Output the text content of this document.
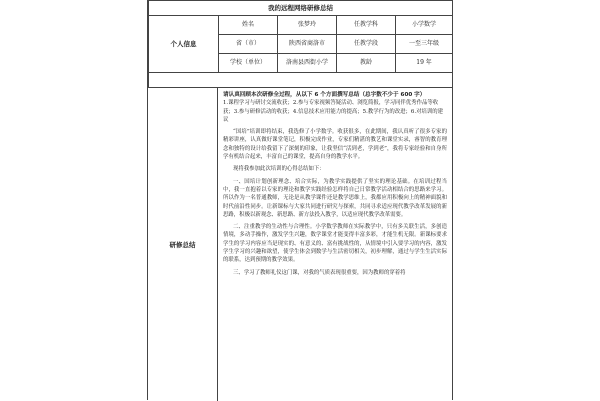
我的远程网络研修总结				
个人信息	姓名	张梦玲	任教学科	小学数学
	省（市）	陕西省商洛市	任教学段	一至三年级
	学校（单位）	洛南县西街小学	教龄	19 年

研修总结

请认真回顾本次研修全过程，从以下 6 个方面撰写总结（总字数不少于 600 字）

1.课程学习与研讨交流收获；2.参与专家视频答疑活动、浏览简报，学习同伴优秀作品等收获；3.参与研修活动的收获；4.信息技术应用能力的提高；5.教学行为的改进；6.对培训的建议

“国培”培训即将结束，我选修了小学数学。收获很多，在此期间，我认真听了很多专家的精彩讲座，认真做好课堂笔记，积极完成作业，专家们精湛的教艺和课堂实录，睿智的教育理念和独特的设计给我留下了深刻的印象，让我坚信“活到老，学到老”，我将专家经验和自身所学有机结合起来，丰富自己的课堂，提高自身的教学水平。

现将我参加此次培训的心得总结如下：

一、国培计划创新理念、培合实际，为教学实践提供了坚实的理论基础。在培训过程当中，我一直抱着以专家的理论和教学实践经验怎样将自己日常教学活动相结合的思路来学习。所以作为一名普通教师，无论是从教学课件还是教学思维上，我都应用积极向上的精神面貌和时代前沿性同步。让新课标与大家共同进行研究与探索，共同寻求适应现代教学改革发展的新思路，积极以新观念、新思路、新方法投入教学，以适应现代教学改革需要。

二、注重教学的生动性与合理性。小学数学教师在实际教学中，只有多关联生活，多创造情境，多动手操作，激发学生兴趣，数学课堂才能变得丰富多彩，才能生机无限。新课标要求学生的学习内容应当是现实的、有意义的、富有挑战性的，从情境中引入要学习的内容，激发学生学习的兴趣和欲望，使学生体会到数学与生活密切相关，初步理解，通过与学生生活实际的联系，达到预期的教学效果。

三、学习了教师礼仪这门课，对我的气质表现很重要，因为教师的穿着将
